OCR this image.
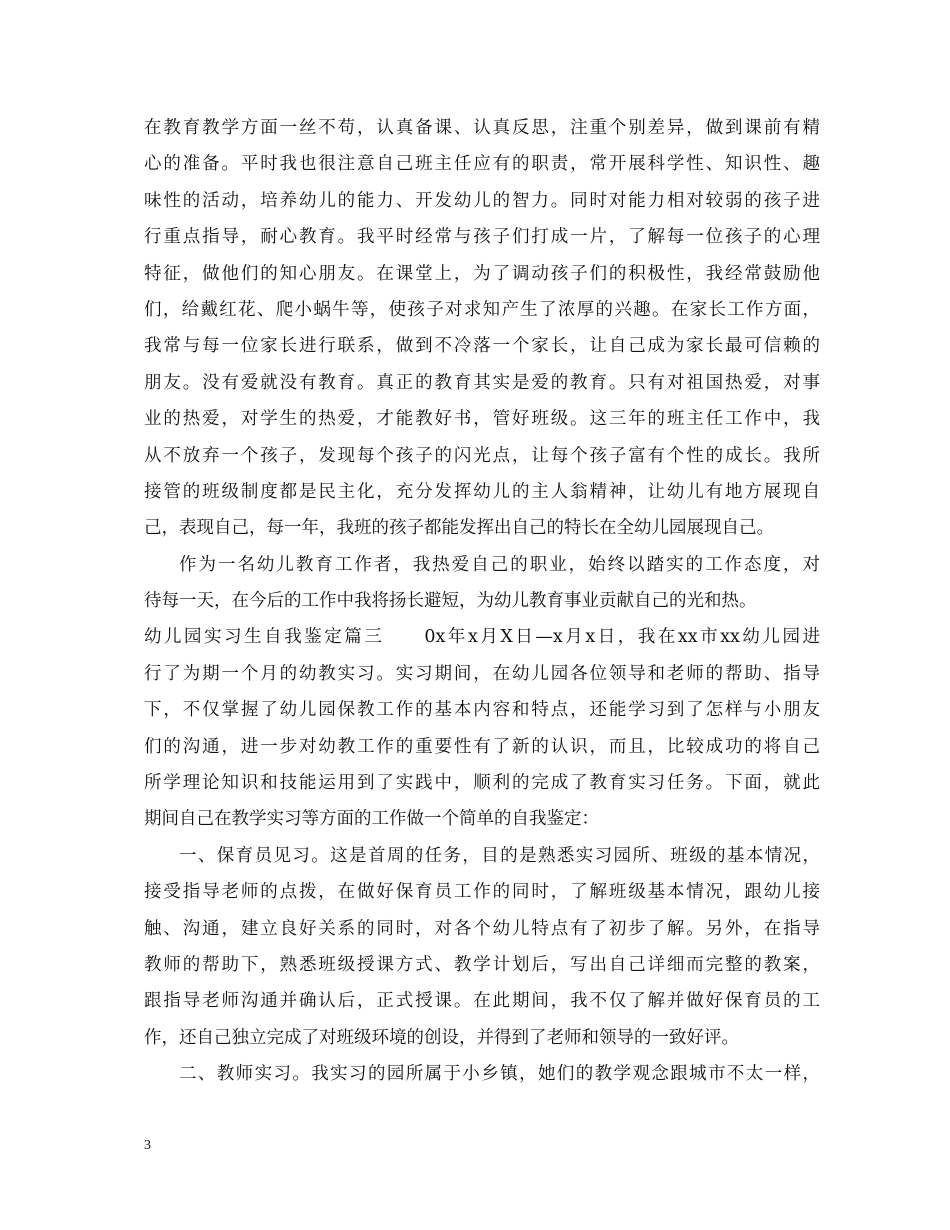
在教育教学方面一丝不苟，认真备课、认真反思，注重个别差异，做到课前有精
心的准备。平时我也很注意自己班主任应有的职责，常开展科学性、知识性、趣
味性的活动，培养幼儿的能力、开发幼儿的智力。同时对能力相对较弱的孩子进
行重点指导，耐心教育。我平时经常与孩子们打成一片，了解每一位孩子的心理
特征，做他们的知心朋友。在课堂上，为了调动孩子们的积极性，我经常鼓励他
们，给戴红花、爬小蜗牛等，使孩子对求知产生了浓厚的兴趣。在家长工作方面，
我常与每一位家长进行联系，做到不冷落一个家长，让自己成为家长最可信赖的
朋友。没有爱就没有教育。真正的教育其实是爱的教育。只有对祖国热爱，对事
业的热爱，对学生的热爱，才能教好书，管好班级。这三年的班主任工作中，我
从不放弃一个孩子，发现每个孩子的闪光点，让每个孩子富有个性的成长。我所
接管的班级制度都是民主化，充分发挥幼儿的主人翁精神，让幼儿有地方展现自
己，表现自己，每一年，我班的孩子都能发挥出自己的特长在全幼儿园展现自己。
作为一名幼儿教育工作者，我热爱自己的职业，始终以踏实的工作态度，对
待每一天，在今后的工作中我将扬长避短，为幼儿教育事业贡献自己的光和热。
幼儿园实习生自我鉴定篇三　　0x年x月X日—x月x日，我在xx市xx幼儿园进
行了为期一个月的幼教实习。实习期间，在幼儿园各位领导和老师的帮助、指导
下，不仅掌握了幼儿园保教工作的基本内容和特点，还能学习到了怎样与小朋友
们的沟通，进一步对幼教工作的重要性有了新的认识，而且，比较成功的将自己
所学理论知识和技能运用到了实践中，顺利的完成了教育实习任务。下面，就此
期间自己在教学实习等方面的工作做一个简单的自我鉴定：
一、保育员见习。这是首周的任务，目的是熟悉实习园所、班级的基本情况，
接受指导老师的点拨，在做好保育员工作的同时，了解班级基本情况，跟幼儿接
触、沟通，建立良好关系的同时，对各个幼儿特点有了初步了解。另外，在指导
教师的帮助下，熟悉班级授课方式、教学计划后，写出自己详细而完整的教案，
跟指导老师沟通并确认后，正式授课。在此期间，我不仅了解并做好保育员的工
作，还自己独立完成了对班级环境的创设，并得到了老师和领导的一致好评。
二、教师实习。我实习的园所属于小乡镇，她们的教学观念跟城市不太一样，
3
